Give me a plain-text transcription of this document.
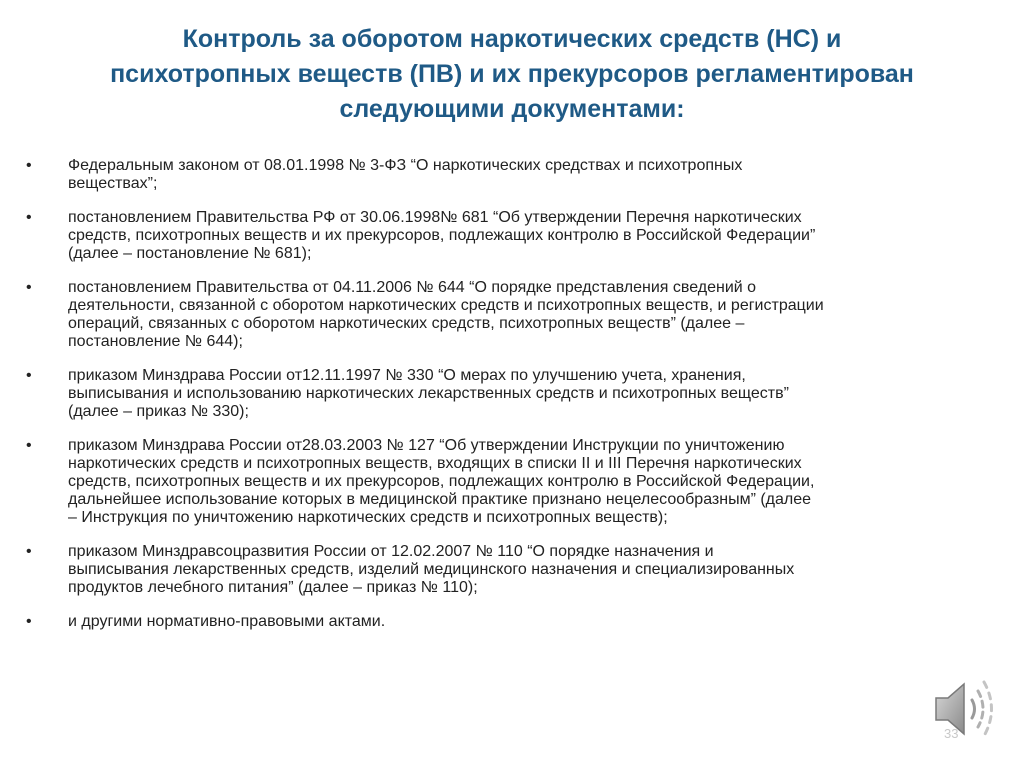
Контроль за оборотом наркотических средств (НС) и
психотропных веществ (ПВ) и их прекурсоров регламентирован
следующими документами:
•	Федеральным законом от 08.01.1998 № 3-ФЗ “О наркотических средствах и психотропных
веществах”;
•	постановлением Правительства РФ от 30.06.1998№ 681 “Об утверждении Перечня наркотических
средств, психотропных веществ и их прекурсоров, подлежащих контролю в Российской Федерации”
(далее – постановление № 681);
•	постановлением Правительства от 04.11.2006 № 644 “О порядке представления сведений о
деятельности, связанной с оборотом наркотических средств и психотропных веществ, и регистрации
операций, связанных с оборотом наркотических средств, психотропных веществ” (далее –
постановление № 644);
•	приказом Минздрава России от12.11.1997 № 330 “О мерах по улучшению учета, хранения,
выписывания и использованию наркотических лекарственных средств и психотропных веществ”
(далее – приказ № 330);
•	приказом Минздрава России от28.03.2003 № 127 “Об утверждении Инструкции по уничтожению
наркотических средств и психотропных веществ, входящих в списки II и III Перечня наркотических
средств, психотропных веществ и их прекурсоров, подлежащих контролю в Российской Федерации,
дальнейшее использование которых в медицинской практике признано нецелесообразным” (далее
– Инструкция по уничтожению наркотических средств и психотропных веществ);
•	приказом Минздравсоцразвития России от 12.02.2007 № 110 “О порядке назначения и
выписывания лекарственных средств, изделий медицинского назначения и специализированных
продуктов лечебного питания” (далее – приказ № 110);
•	и другими нормативно-правовыми актами.
33
